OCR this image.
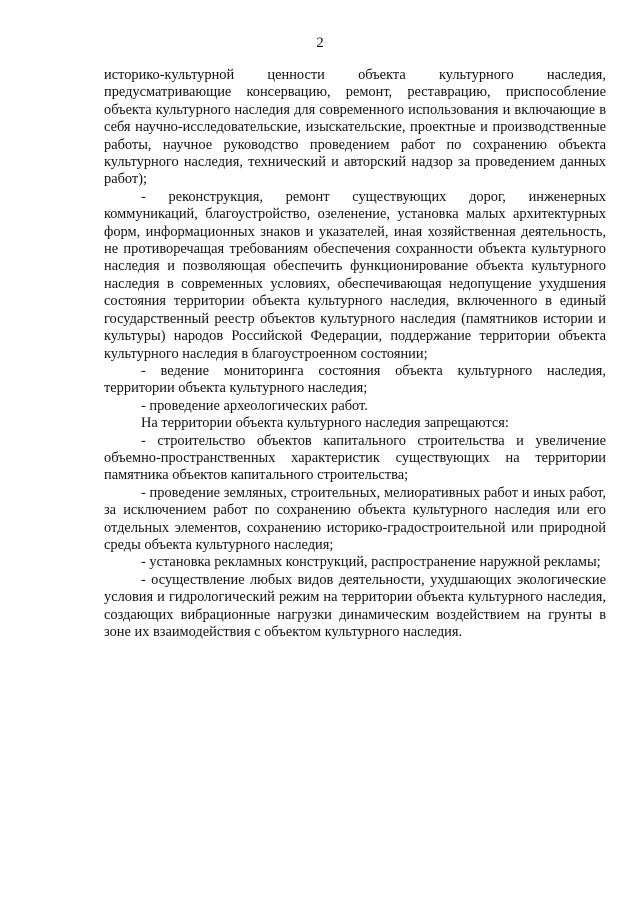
2

историко-культурной ценности объекта культурного наследия, предусматривающие консервацию, ремонт, реставрацию, приспособление объекта культурного наследия для современного использования и включающие в себя научно-исследовательские, изыскательские, проектные и производственные работы, научное руководство проведением работ по сохранению объекта культурного наследия, технический и авторский надзор за проведением данных работ);

- реконструкция, ремонт существующих дорог, инженерных коммуникаций, благоустройство, озеленение, установка малых архитектурных форм, информационных знаков и указателей, иная хозяйственная деятельность, не противоречащая требованиям обеспечения сохранности объекта культурного наследия и позволяющая обеспечить функционирование объекта культурного наследия в современных условиях, обеспечивающая недопущение ухудшения состояния территории объекта культурного наследия, включенного в единый государственный реестр объектов культурного наследия (памятников истории и культуры) народов Российской Федерации, поддержание территории объекта культурного наследия в благоустроенном состоянии;

- ведение мониторинга состояния объекта культурного наследия, территории объекта культурного наследия;

- проведение археологических работ.

На территории объекта культурного наследия запрещаются:

- строительство объектов капитального строительства и увеличение объемно-пространственных характеристик существующих на территории памятника объектов капитального строительства;

- проведение земляных, строительных, мелиоративных работ и иных работ, за исключением работ по сохранению объекта культурного наследия или его отдельных элементов, сохранению историко-градостроительной или природной среды объекта культурного наследия;

- установка рекламных конструкций, распространение наружной рекламы;

- осуществление любых видов деятельности, ухудшающих экологические условия и гидрологический режим на территории объекта культурного наследия, создающих вибрационные нагрузки динамическим воздействием на грунты в зоне их взаимодействия с объектом культурного наследия.
